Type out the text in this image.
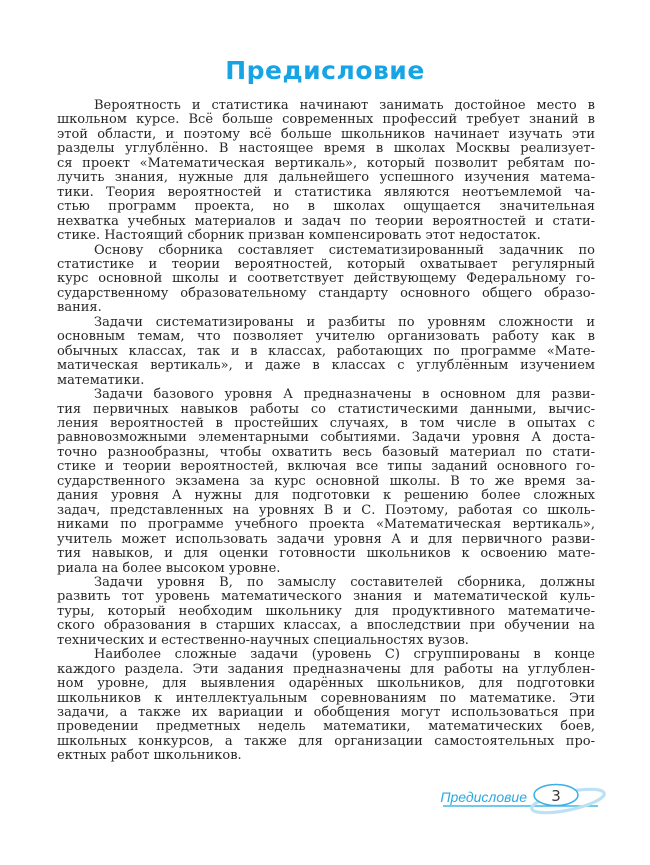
Предисловие
Вероятность и статистика начинают занимать достойное место в
школьном курсе. Всё больше современных профессий требует знаний в
этой области, и поэтому всё больше школьников начинает изучать эти
разделы углублённо. В настоящее время в школах Москвы реализует-
ся проект «Математическая вертикаль», который позволит ребятам по-
лучить знания, нужные для дальнейшего успешного изучения матема-
тики. Теория вероятностей и статистика являются неотъемлемой ча-
стью программ проекта, но в школах ощущается значительная
нехватка учебных материалов и задач по теории вероятностей и стати-
стике. Настоящий сборник призван компенсировать этот недостаток.
Основу сборника составляет систематизированный задачник по
статистике и теории вероятностей, который охватывает регулярный
курс основной школы и соответствует действующему Федеральному го-
сударственному образовательному стандарту основного общего образо-
вания.
Задачи систематизированы и разбиты по уровням сложности и
основным темам, что позволяет учителю организовать работу как в
обычных классах, так и в классах, работающих по программе «Мате-
матическая вертикаль», и даже в классах с углублённым изучением
математики.
Задачи базового уровня А предназначены в основном для разви-
тия первичных навыков работы со статистическими данными, вычис-
ления вероятностей в простейших случаях, в том числе в опытах с
равновозможными элементарными событиями. Задачи уровня А доста-
точно разнообразны, чтобы охватить весь базовый материал по стати-
стике и теории вероятностей, включая все типы заданий основного го-
сударственного экзамена за курс основной школы. В то же время за-
дания уровня А нужны для подготовки к решению более сложных
задач, представленных на уровнях В и С. Поэтому, работая со школь-
никами по программе учебного проекта «Математическая вертикаль»,
учитель может использовать задачи уровня А и для первичного разви-
тия навыков, и для оценки готовности школьников к освоению мате-
риала на более высоком уровне.
Задачи уровня В, по замыслу составителей сборника, должны
развить тот уровень математического знания и математической куль-
туры, который необходим школьнику для продуктивного математиче-
ского образования в старших классах, а впоследствии при обучении на
технических и естественно-научных специальностях вузов.
Наиболее сложные задачи (уровень С) сгруппированы в конце
каждого раздела. Эти задания предназначены для работы на углублен-
ном уровне, для выявления одарённых школьников, для подготовки
школьников к интеллектуальным соревнованиям по математике. Эти
задачи, а также их вариации и обобщения могут использоваться при
проведении предметных недель математики, математических боев,
школьных конкурсов, а также для организации самостоятельных про-
ектных работ школьников.
Предисловие 3
